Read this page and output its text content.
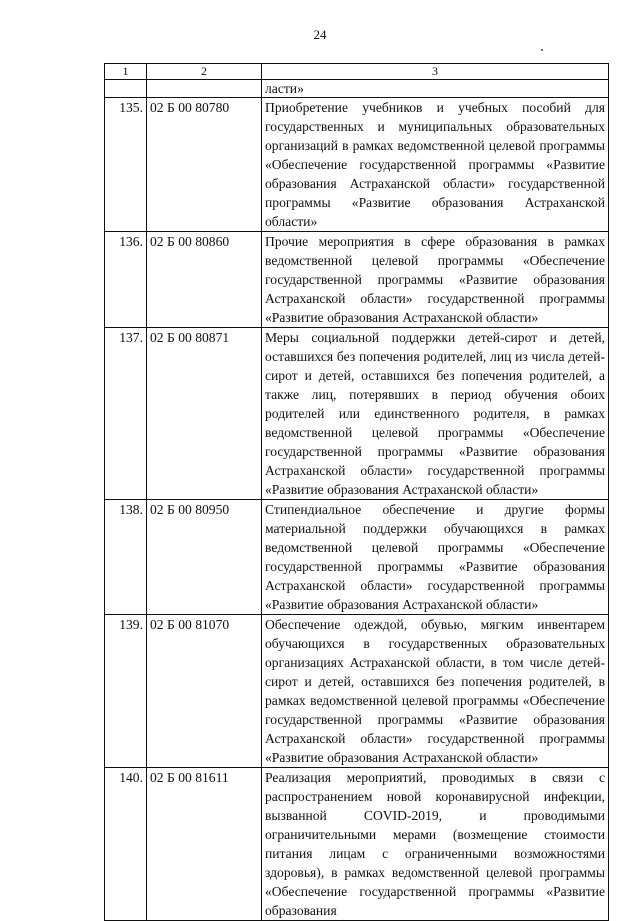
24
1	2	3
		ласти»
135.	02 Б 00 80780	Приобретение учебников и учебных пособий для государственных и муниципальных образовательных организаций в рамках ведомственной целевой программы «Обеспечение государственной программы «Развитие образования Астраханской области» государственной программы «Развитие образования Астраханской области»
136.	02 Б 00 80860	Прочие мероприятия в сфере образования в рамках ведомственной целевой программы «Обеспечение государственной программы «Развитие образования Астраханской области» государственной программы «Развитие образования Астраханской области»
137.	02 Б 00 80871	Меры социальной поддержки детей-сирот и детей, оставшихся без попечения родителей, лиц из числа детей-сирот и детей, оставшихся без попечения родителей, а также лиц, потерявших в период обучения обоих родителей или единственного родителя, в рамках ведомственной целевой программы «Обеспечение государственной программы «Развитие образования Астраханской области» государственной программы «Развитие образования Астраханской области»
138.	02 Б 00 80950	Стипендиальное обеспечение и другие формы материальной поддержки обучающихся в рамках ведомственной целевой программы «Обеспечение государственной программы «Развитие образования Астраханской области» государственной программы «Развитие образования Астраханской области»
139.	02 Б 00 81070	Обеспечение одеждой, обувью, мягким инвентарем обучающихся в государственных образовательных организациях Астраханской области, в том числе детей-сирот и детей, оставшихся без попечения родителей, в рамках ведомственной целевой программы «Обеспечение государственной программы «Развитие образования Астраханской области» государственной программы «Развитие образования Астраханской области»
140.	02 Б 00 81611	Реализация мероприятий, проводимых в связи с распространением новой коронавирусной инфекции, вызванной COVID-2019, и проводимыми ограничительными мерами (возмещение стоимости питания лицам с ограниченными возможностями здоровья), в рамках ведомственной целевой программы «Обеспечение государственной программы «Развитие образования
